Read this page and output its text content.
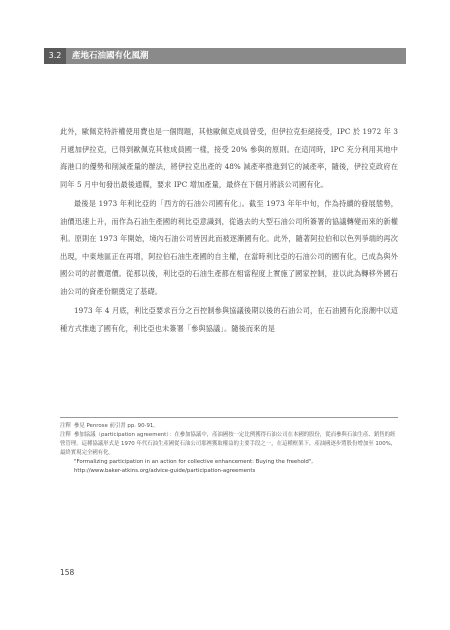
3.2	產地石油國有化風潮

此外，歐佩克特許權使用費也是一個問題，其他歐佩克成員曾受，但伊拉克拒絕接受，IPC 於 1972 年 3 月遞加伊拉克，已得到歐佩克其他成員國一樣，接受 20% 參與的原則。在這同時，IPC 充分利用其地中海港口的優勢和削減產量的辦法，將伊拉克出產的 48% 減產率推進到它的減產率，隨後，伊拉克政府在同年 5 月中旬發出最後通牒，要求 IPC 增加產量，最終在下個月將該公司國有化。

最後是 1973 年利比亞的「西方的石油公司國有化」。截至 1973 年年中旬，作為持續的發展態勢，油價迅速上升，而作為石油生產國的利比亞意識到，從過去的大型石油公司所簽署的協議轉變而來的新權利。原則在 1973 年開始，境內石油公司皆因此而被逐漸國有化。此外，隨著阿拉伯和以色列爭端的再次出現，中東地區正在再增，阿拉伯石油生產國的自主權，在當時利比亞的石油公司的國有化，已成為與外國公司的討價還價。從那以後，利比亞的石油生產都在相當程度上實施了國家控制，並以此為轉移外國石油公司的資產份額奠定了基礎。

1973 年 4 月底，利比亞要求百分之百控制參與協議後期以後的石油公司，在石油國有化浪潮中以這種方式推進了國有化，利比亞也未簽署「參與協議」。隨後而來的是

注釋 參見 Penrose 前引書 pp. 90-91。

注釋 參加協議（participation agreement）：在參加協議中，產油國按一定比例獲得石油公司在本國的股份，從而參與石油生產、銷售的經營管理。這種協議形式是 1970 年代石油生產國從石油公司那裡獲取權益的主要手段之一，在這種框架下，產油國逐步將股份增加至 100%，最終實現完全國有化。

"Formalizing participation in an action for collective enhancement: Buying the freehold",

http://www.baker-atkins.org/advice-guide/participation-agreements

158
